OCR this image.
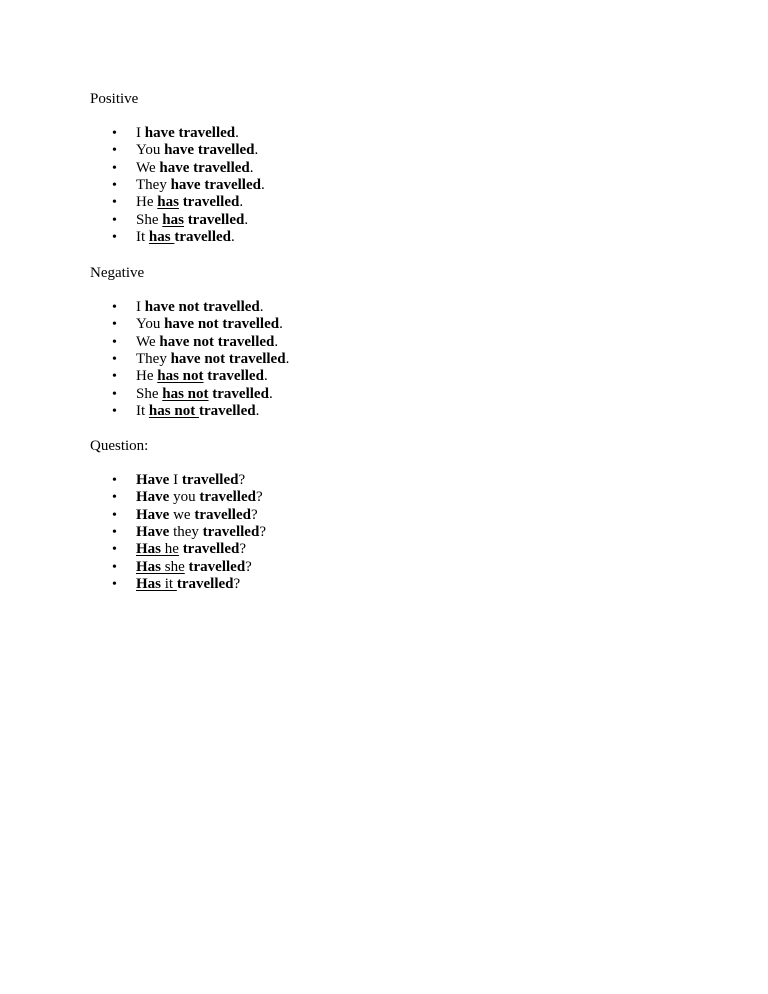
Positive
• I have travelled.
• You have travelled.
• We have travelled.
• They have travelled.
• He has travelled.
• She has travelled.
• It has travelled.
Negative
• I have not travelled.
• You have not travelled.
• We have not travelled.
• They have not travelled.
• He has not travelled.
• She has not travelled.
• It has not travelled.
Question:
• Have I travelled?
• Have you travelled?
• Have we travelled?
• Have they travelled?
• Has he travelled?
• Has she travelled?
• Has it travelled?
